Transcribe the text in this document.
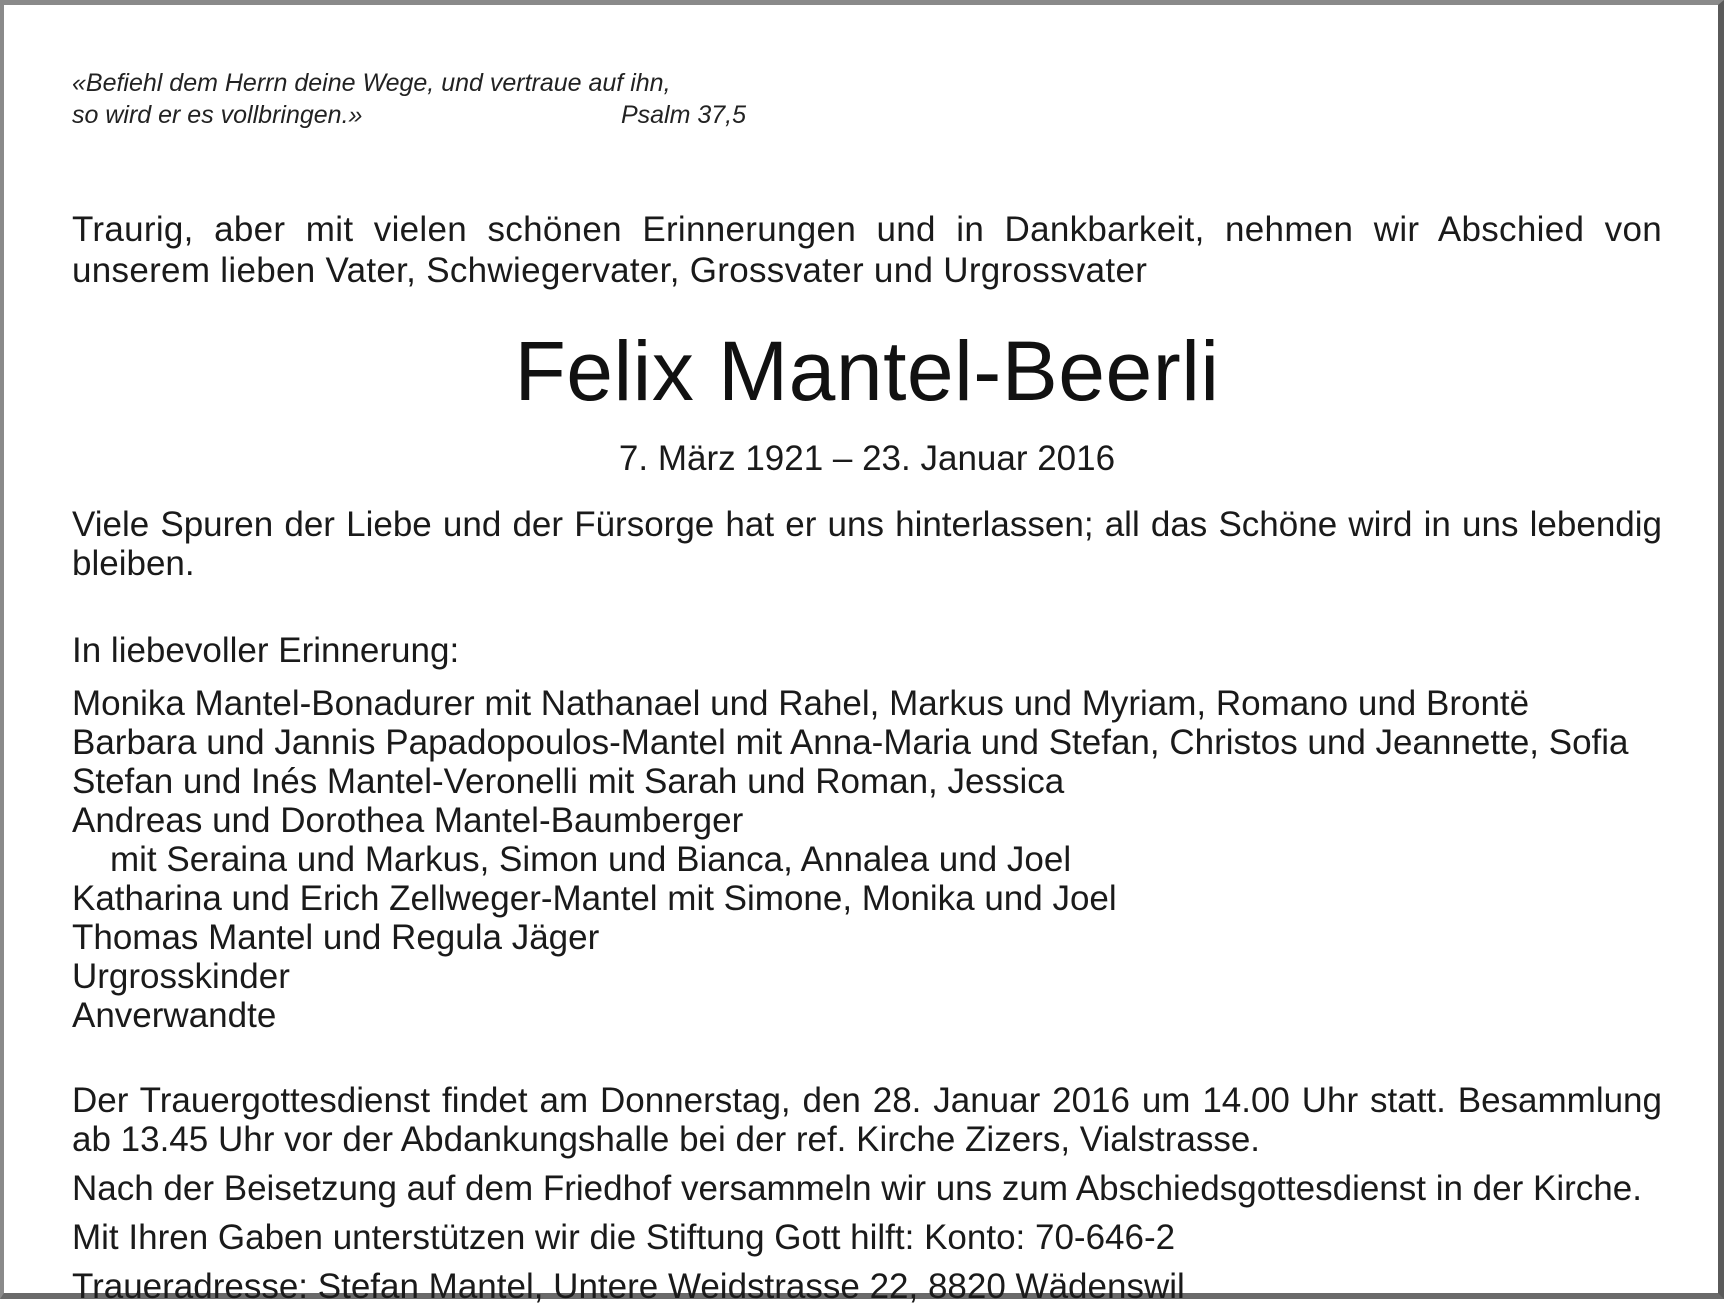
«Befiehl dem Herrn deine Wege, und vertraue auf ihn,
so wird er es vollbringen.»	Psalm 37,5
Traurig, aber mit vielen schönen Erinnerungen und in Dankbarkeit, nehmen wir Abschied von unserem lieben Vater, Schwiegervater, Grossvater und Urgrossvater
Felix Mantel-Beerli
7. März 1921 – 23. Januar 2016
Viele Spuren der Liebe und der Fürsorge hat er uns hinterlassen; all das Schöne wird in uns lebendig bleiben.
In liebevoller Erinnerung:
Monika Mantel-Bonadurer mit Nathanael und Rahel, Markus und Myriam, Romano und Brontë
Barbara und Jannis Papadopoulos-Mantel mit Anna-Maria und Stefan, Christos und Jeannette, Sofia
Stefan und Inés Mantel-Veronelli mit Sarah und Roman, Jessica
Andreas und Dorothea Mantel-Baumberger
mit Seraina und Markus, Simon und Bianca, Annalea und Joel
Katharina und Erich Zellweger-Mantel mit Simone, Monika und Joel
Thomas Mantel und Regula Jäger
Urgrosskinder
Anverwandte
Der Trauergottesdienst findet am Donnerstag, den 28. Januar 2016 um 14.00 Uhr statt. Besammlung ab 13.45 Uhr vor der Abdankungshalle bei der ref. Kirche Zizers, Vialstrasse.
Nach der Beisetzung auf dem Friedhof versammeln wir uns zum Abschiedsgottesdienst in der Kirche.
Mit Ihren Gaben unterstützen wir die Stiftung Gott hilft: Konto: 70-646-2
Traueradresse: Stefan Mantel, Untere Weidstrasse 22, 8820 Wädenswil
